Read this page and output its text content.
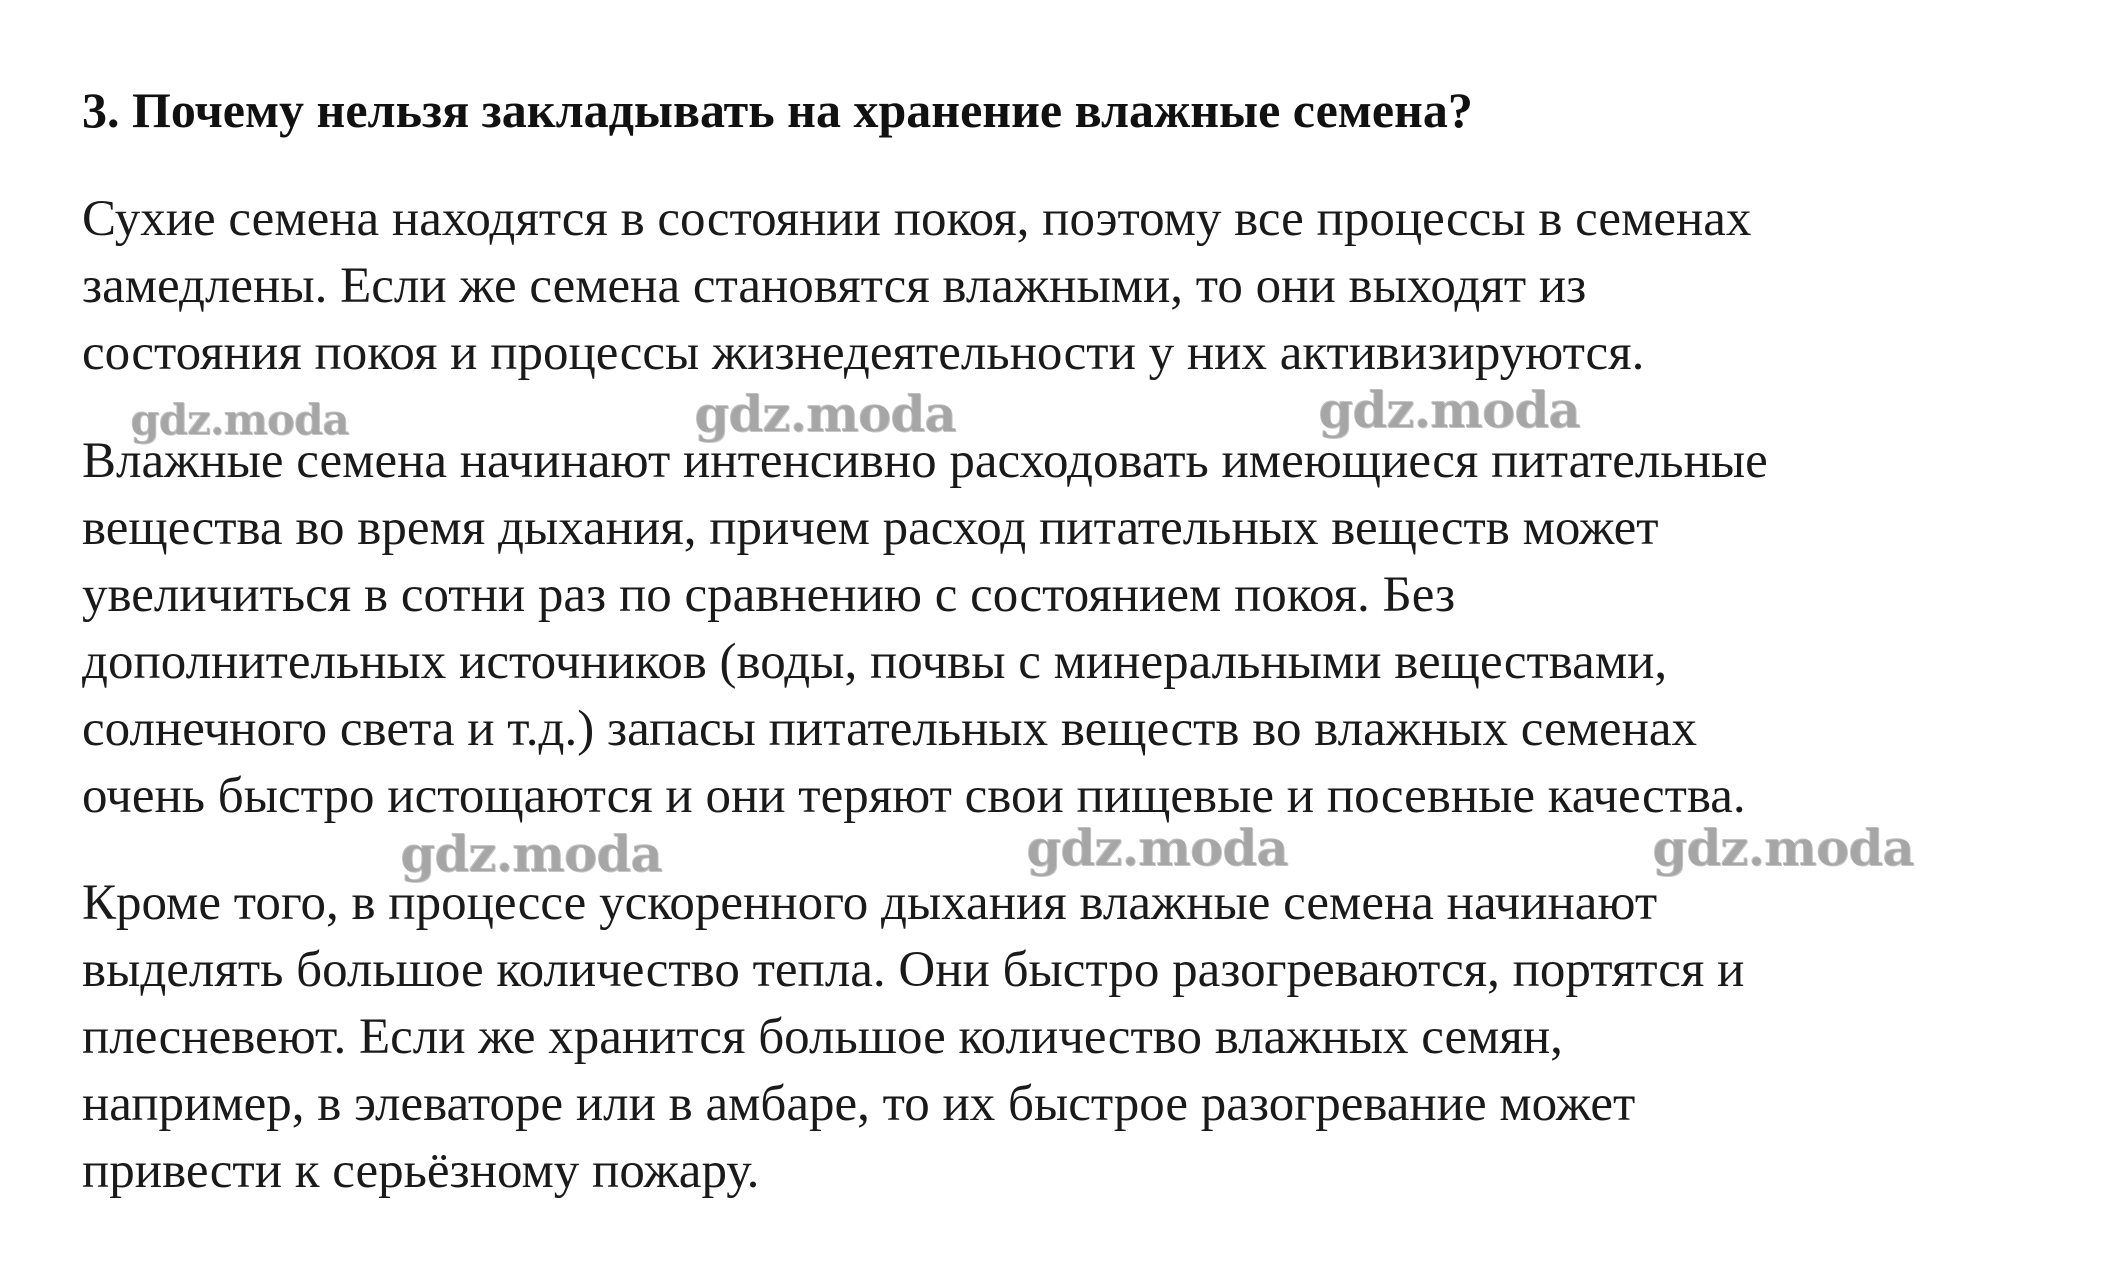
3. Почему нельзя закладывать на хранение влажные семена?

Сухие семена находятся в состоянии покоя, поэтому все процессы в семенах
замедлены. Если же семена становятся влажными, то они выходят из
состояния покоя и процессы жизнедеятельности у них активизируются.

Влажные семена начинают интенсивно расходовать имеющиеся питательные
вещества во время дыхания, причем расход питательных веществ может
увеличиться в сотни раз по сравнению с состоянием покоя. Без
дополнительных источников (воды, почвы с минеральными веществами,
солнечного света и т.д.) запасы питательных веществ во влажных семенах
очень быстро истощаются и они теряют свои пищевые и посевные качества.

Кроме того, в процессе ускоренного дыхания влажные семена начинают
выделять большое количество тепла. Они быстро разогреваются, портятся и
плесневеют. Если же хранится большое количество влажных семян,
например, в элеваторе или в амбаре, то их быстрое разогревание может
привести к серьёзному пожару.

gdz.moda	gdz.moda	gdz.moda
gdz.moda	gdz.moda	gdz.moda
